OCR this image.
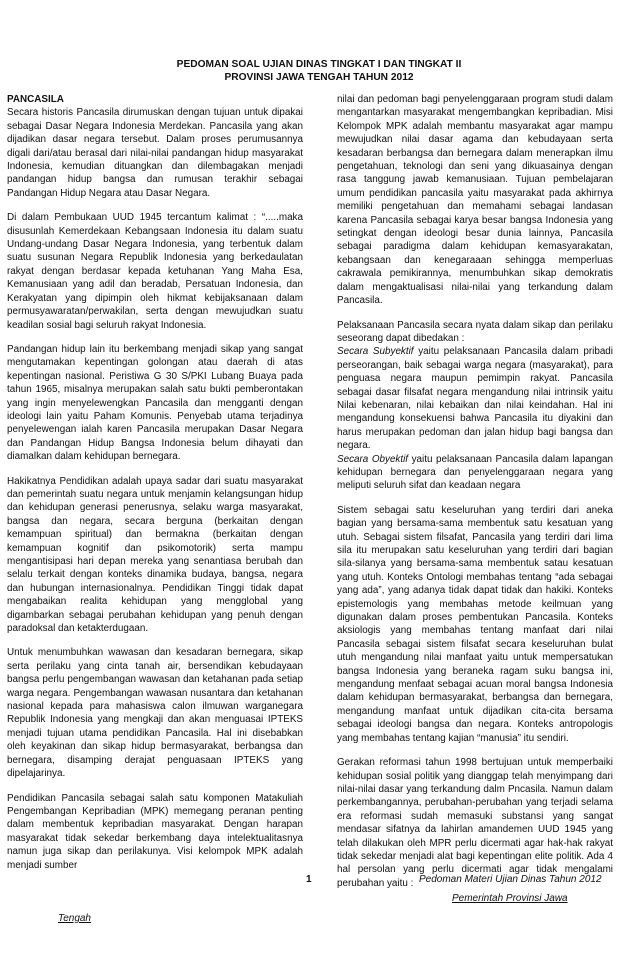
PEDOMAN SOAL UJIAN DINAS TINGKAT I DAN TINGKAT II
PROVINSI JAWA TENGAH TAHUN 2012
PANCASILA

Secara historis Pancasila dirumuskan dengan tujuan untuk dipakai sebagai Dasar Negara Indonesia Merdekan. Pancasila yang akan dijadikan dasar negara tersebut. Dalam proses perumusannya digali dari/atau berasal dari nilai-nilai pandangan hidup masyarakat Indonesia, kemudian dituangkan dan dilembagakan menjadi pandangan hidup bangsa dan rumusan terakhir sebagai Pandangan Hidup Negara atau Dasar Negara.

Di dalam Pembukaan UUD 1945 tercantum kalimat : “.....maka disusunlah Kemerdekaan Kebangsaan Indonesia itu dalam suatu Undang-undang Dasar Negara Indonesia, yang terbentuk dalam suatu susunan Negara Republik Indonesia yang berkedaulatan rakyat dengan berdasar kepada ketuhanan Yang Maha Esa, Kemanusiaan yang adil dan beradab, Persatuan Indonesia, dan Kerakyatan yang dipimpin oleh hikmat kebijaksanaan dalam permusyawaratan/perwakilan, serta dengan mewujudkan suatu keadilan sosial bagi seluruh rakyat Indonesia.

Pandangan hidup lain itu berkembang menjadi sikap yang sangat mengutamakan kepentingan golongan atau daerah di atas kepentingan nasional. Peristiwa G 30 S/PKI Lubang Buaya pada tahun 1965, misalnya merupakan salah satu bukti pemberontakan yang ingin menyelewengkan Pancasila dan mengganti dengan ideologi lain yaitu Paham Komunis. Penyebab utama terjadinya penyelewengan ialah karen Pancasila merupakan Dasar Negara dan Pandangan Hidup Bangsa Indonesia belum dihayati dan diamalkan dalam kehidupan bernegara.

Hakikatnya Pendidikan adalah upaya sadar dari suatu masyarakat dan pemerintah suatu negara untuk menjamin kelangsungan hidup dan kehidupan generasi penerusnya, selaku warga masyarakat, bangsa dan negara, secara berguna (berkaitan dengan kemampuan spiritual) dan bermakna (berkaitan dengan kemampuan kognitif dan psikomotorik) serta mampu mengantisipasi hari depan mereka yang senantiasa berubah dan selalu terkait dengan konteks dinamika budaya, bangsa, negara dan hubungan internasionalnya. Pendidikan Tinggi tidak dapat mengabaikan realita kehidupan yang mengglobal yang digambarkan sebagai perubahan kehidupan yang penuh dengan paradoksal dan ketakterdugaan.

Untuk menumbuhkan wawasan dan kesadaran bernegara, sikap serta perilaku yang cinta tanah air, bersendikan kebudayaan bangsa perlu pengembangan wawasan dan ketahanan pada setiap warga negara. Pengembangan wawasan nusantara dan ketahanan nasional kepada para mahasiswa calon ilmuwan warganegara Republik Indonesia yang mengkaji dan akan menguasai IPTEKS menjadi tujuan utama pendidikan Pancasila. Hal ini disebabkan oleh keyakinan dan sikap hidup bermasyarakat, berbangsa dan bernegara, disamping derajat penguasaan IPTEKS yang dipelajarinya.

Pendidikan Pancasila sebagai salah satu komponen Matakuliah Pengembangan Kepribadian (MPK) memegang peranan penting dalam membentuk kepribadian masyarakat. Dengan harapan masyarakat tidak sekedar berkembang daya intelektualitasnya namun juga sikap dan perilakunya. Visi kelompok MPK adalah menjadi sumber

nilai dan pedoman bagi penyelenggaraan program studi dalam mengantarkan masyarakat mengembangkan kepribadian. Misi Kelompok MPK adalah membantu masyarakat agar mampu mewujudkan nilai dasar agama dan kebudayaan serta kesadaran berbangsa dan bernegara dalam menerapkan ilmu pengetahuan, teknologi dan seni yang dikuasainya dengan rasa tanggung jawab kemanusiaan. Tujuan pembelajaran umum pendidikan pancasila yaitu masyarakat pada akhirnya memiliki pengetahuan dan memahami sebagai landasan karena Pancasila sebagai karya besar bangsa Indonesia yang setingkat dengan ideologi besar dunia lainnya, Pancasila sebagai paradigma dalam kehidupan kemasyarakatan, kebangsaan dan kenegaraaan sehingga memperluas cakrawala pemikirannya, menumbuhkan sikap demokratis dalam mengaktualisasi nilai-nilai yang terkandung dalam Pancasila.

Pelaksanaan Pancasila secara nyata dalam sikap dan perilaku seseorang dapat dibedakan :
Secara Subyektif yaitu pelaksanaan Pancasila dalam pribadi perseorangan, baik sebagai warga negara (masyarakat), para penguasa negara maupun pemimpin rakyat. Pancasila sebagai dasar filsafat negara mengandung nilai intrinsik yaitu Nilai kebenaran, nilai kebaikan dan nilai keindahan. Hal ini mengandung konsekuensi bahwa Pancasila itu diyakini dan harus merupakan pedoman dan jalan hidup bagi bangsa dan negara.
Secara Obyektif yaitu pelaksanaan Pancasila dalam lapangan kehidupan bernegara dan penyelenggaraan negara yang meliputi seluruh sifat dan keadaan negara

Sistem sebagai satu keseluruhan yang terdiri dari aneka bagian yang bersama-sama membentuk satu kesatuan yang utuh. Sebagai sistem filsafat, Pancasila yang terdiri dari lima sila itu merupakan satu keseluruhan yang terdiri dari bagian sila-silanya yang bersama-sama membentuk satau kesatuan yang utuh. Konteks Ontologi membahas tentang “ada sebagai yang ada”, yang adanya tidak dapat tidak dan hakiki. Konteks epistemologis yang membahas metode keilmuan yang digunakan dalam proses pembentukan Pancasila. Konteks aksiologis yang membahas tentang manfaat dari nilai Pancasila sebagai sistem filsafat secara keseluruhan bulat utuh mengandung nilai manfaat yaitu untuk mempersatukan bangsa Indonesia yang beraneka ragam suku bangsa ini, mengandung menfaat sebagai acuan moral bangsa Indonesia dalam kehidupan bermasyarakat, berbangsa dan bernegara, mengandung manfaat untuk dijadikan cita-cita bersama sebagai ideologi bangsa dan negara. Konteks antropologis yang membahas tentang kajian “manusia” itu sendiri.

Gerakan reformasi tahun 1998 bertujuan untuk memperbaiki kehidupan sosial politik yang dianggap telah menyimpang dari nilai-nilai dasar yang terkandung dalm Pncasila. Namun dalam perkembangannya, perubahan-perubahan yang terjadi selama era reformasi sudah memasuki substansi yang sangat mendasar sifatnya da lahirlan amandemen UUD 1945 yang telah dilakukan oleh MPR perlu dicermati agar hak-hak rakyat tidak sekedar menjadi alat bagi kepentingan elite politik. Ada 4 hal persolan yang perlu dicermati agar tidak mengalami perubahan yaitu :

1	Pedoman Materi Ujian Dinas Tahun 2012
Pemerintah Provinsi Jawa
Tengah
